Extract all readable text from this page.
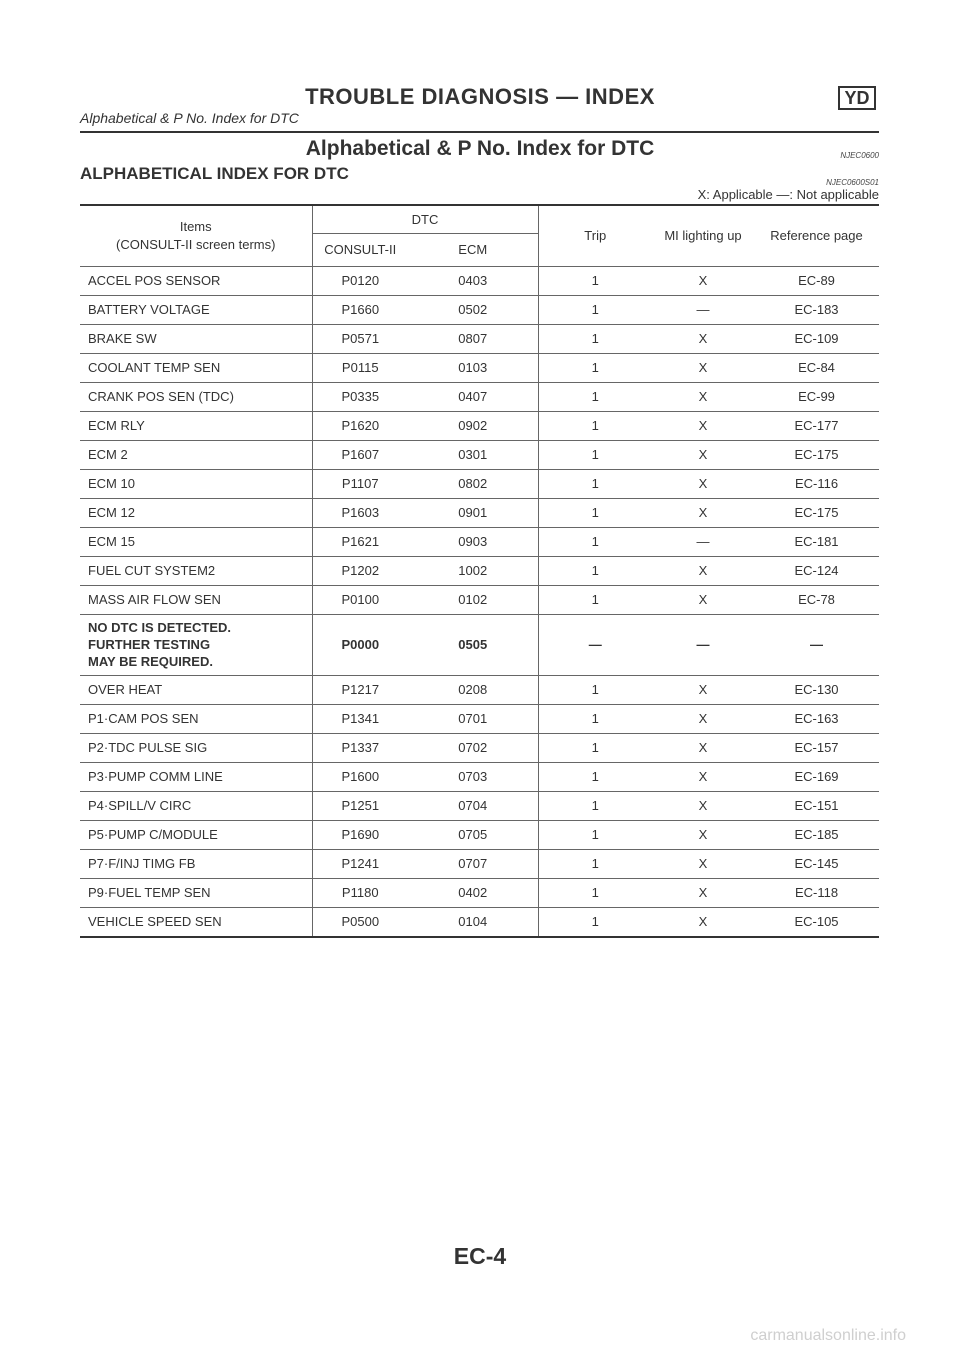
TROUBLE DIAGNOSIS — INDEX	YD
Alphabetical & P No. Index for DTC
Alphabetical & P No. Index for DTC	NJEC0600
ALPHABETICAL INDEX FOR DTC	NJEC0600S01
X: Applicable —: Not applicable
Items
(CONSULT-II screen terms)	DTC		Trip	MI lighting up	Reference page
	CONSULT-II	ECM			
ACCEL POS SENSOR	P0120	0403	1	X	EC-89
BATTERY VOLTAGE	P1660	0502	1	—	EC-183
BRAKE SW	P0571	0807	1	X	EC-109
COOLANT TEMP SEN	P0115	0103	1	X	EC-84
CRANK POS SEN (TDC)	P0335	0407	1	X	EC-99
ECM RLY	P1620	0902	1	X	EC-177
ECM 2	P1607	0301	1	X	EC-175
ECM 10	P1107	0802	1	X	EC-116
ECM 12	P1603	0901	1	X	EC-175
ECM 15	P1621	0903	1	—	EC-181
FUEL CUT SYSTEM2	P1202	1002	1	X	EC-124
MASS AIR FLOW SEN	P0100	0102	1	X	EC-78
NO DTC IS DETECTED.
FURTHER TESTING
MAY BE REQUIRED.	P0000	0505	—	—	—
OVER HEAT	P1217	0208	1	X	EC-130
P1·CAM POS SEN	P1341	0701	1	X	EC-163
P2·TDC PULSE SIG	P1337	0702	1	X	EC-157
P3·PUMP COMM LINE	P1600	0703	1	X	EC-169
P4·SPILL/V CIRC	P1251	0704	1	X	EC-151
P5·PUMP C/MODULE	P1690	0705	1	X	EC-185
P7·F/INJ TIMG FB	P1241	0707	1	X	EC-145
P9·FUEL TEMP SEN	P1180	0402	1	X	EC-118
VEHICLE SPEED SEN	P0500	0104	1	X	EC-105
EC-4
carmanualsonline.info
